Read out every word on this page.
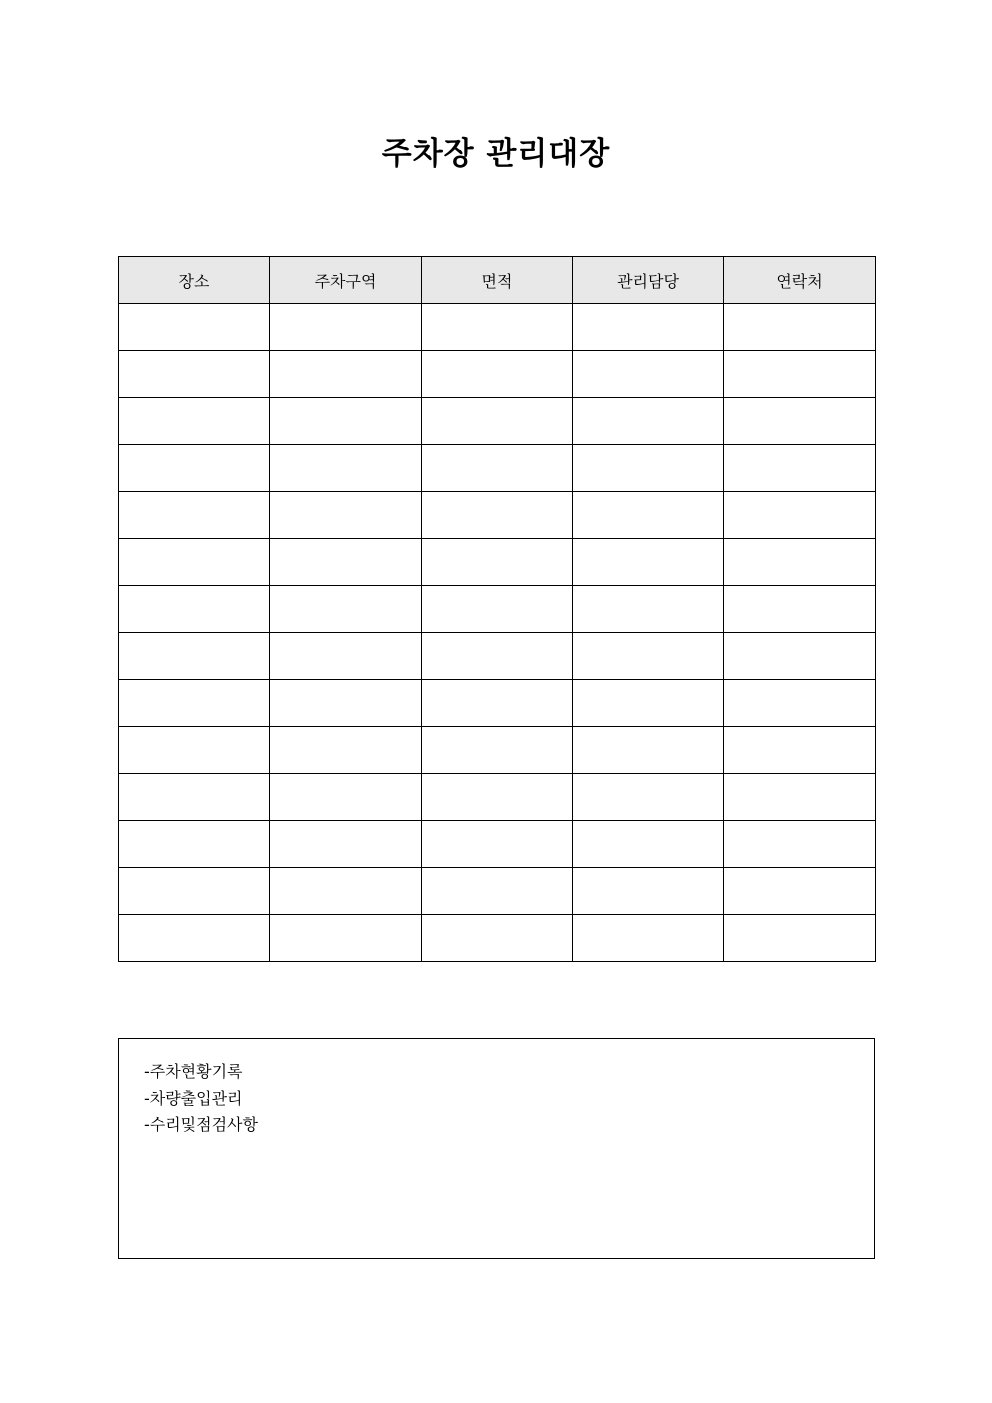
주차장 관리대장
장소	주차구역	면적	관리담당	연락처

-주차현황기록
-차량출입관리
-수리및점검사항
